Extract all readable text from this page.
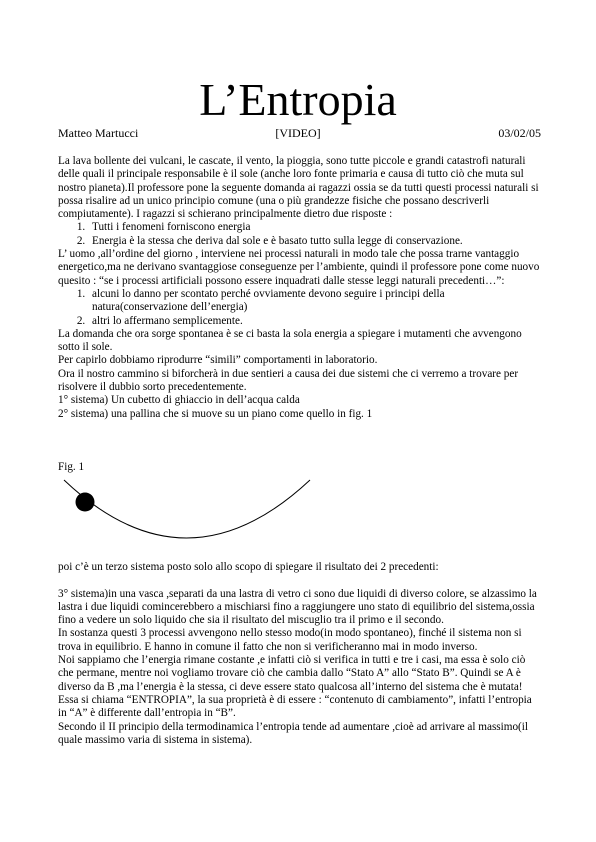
L’Entropia
Matteo Martucci	[VIDEO]	03/02/05

La lava bollente dei vulcani, le cascate, il vento, la pioggia, sono tutte piccole e grandi catastrofi naturali delle quali il principale responsabile è il sole (anche loro fonte primaria e causa di tutto ciò che muta sul nostro pianeta).Il professore pone la seguente domanda ai ragazzi ossia se da tutti questi processi naturali si possa risalire ad un unico principio comune (una o più grandezze fisiche che possano descriverli compiutamente). I ragazzi si schierano principalmente dietro due risposte :

1. Tutti i fenomeni forniscono energia
2. Energia è la stessa che deriva dal sole e è basato tutto sulla legge di conservazione.

L’ uomo ,all’ordine del giorno , interviene nei processi naturali in modo tale che possa trarne vantaggio energetico,ma ne derivano svantaggiose conseguenze per l’ambiente, quindi il professore pone come nuovo quesito : “se i processi artificiali possono essere inquadrati dalle stesse leggi naturali precedenti…”:

1. alcuni lo danno per scontato perché ovviamente devono seguire i principi della natura(conservazione dell’energia)
2. altri lo affermano semplicemente.

La domanda che ora sorge spontanea è se ci basta la sola energia a spiegare i mutamenti che avvengono sotto il sole.

Per capirlo dobbiamo riprodurre “simili” comportamenti in laboratorio.

Ora il nostro cammino si biforcherà in due sentieri a causa dei due sistemi che ci verremo a trovare per risolvere il dubbio sorto precedentemente.

1° sistema) Un cubetto di ghiaccio in dell’acqua calda

2° sistema) una pallina che si muove su un piano come quello in fig. 1

Fig. 1

poi c’è un terzo sistema posto solo allo scopo di spiegare il risultato dei 2 precedenti:

3° sistema)in una vasca ,separati da una lastra di vetro ci sono due liquidi di diverso colore, se alzassimo la lastra i due liquidi comincerebbero a mischiarsi fino a raggiungere uno stato di equilibrio del sistema,ossia fino a vedere un solo liquido che sia il risultato del miscuglio tra il primo e il secondo.

In sostanza questi 3 processi avvengono nello stesso modo(in modo spontaneo), finché il sistema non si trova in equilibrio. E hanno in comune il fatto che non si verificheranno mai in modo inverso.

Noi sappiamo che l’energia rimane costante ,e infatti ciò si verifica in tutti e tre i casi, ma essa è solo ciò che permane, mentre noi vogliamo trovare ciò che cambia dallo “Stato A” allo “Stato B”. Quindi se A è diverso da B ,ma l’energia è la stessa, ci deve essere stato qualcosa all’interno del sistema che è mutata! Essa si chiama “ENTROPIA”, la sua proprietà è di essere : “contenuto di cambiamento”, infatti l’entropia in “A” è differente dall’entropia in “B”.

Secondo il II principio della termodinamica l’entropia tende ad aumentare ,cioè ad arrivare al massimo(il quale massimo varia di sistema in sistema).
